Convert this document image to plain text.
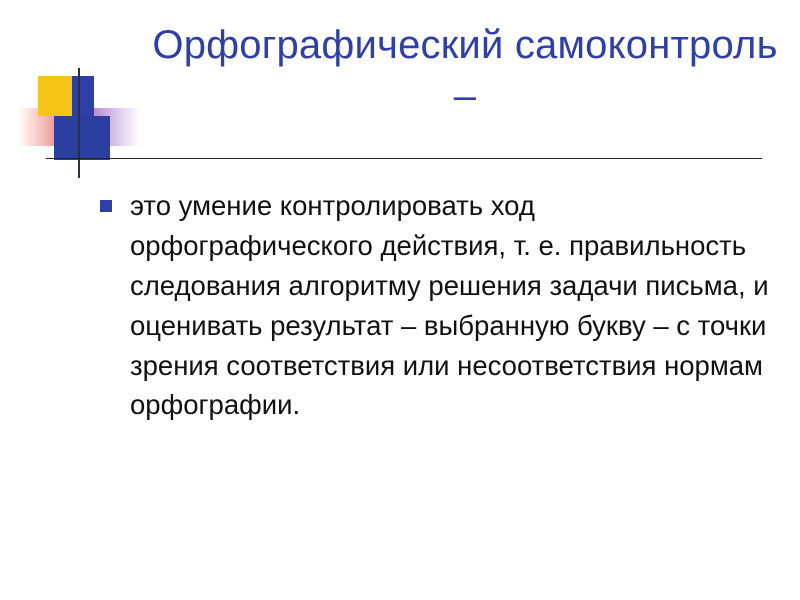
Орфографический самоконтроль –

это умение контролировать ход орфографического действия, т. е. правильность следования алгоритму решения задачи письма, и оценивать результат – выбранную букву – с точки зрения соответствия или несоответствия нормам орфографии.
